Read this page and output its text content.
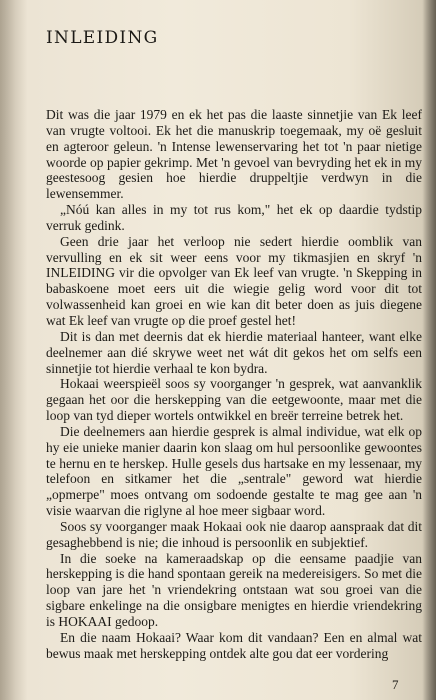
INLEIDING

Dit was die jaar 1979 en ek het pas die laaste sinnetjie van Ek leef van vrugte voltooi. Ek het die manuskrip toegemaak, my oë gesluit en agteroor geleun. 'n Intense lewenservaring het tot 'n paar nietige woorde op papier gekrimp. Met 'n gevoel van bevryding het ek in my geestesoog gesien hoe hierdie druppeltjie verdwyn in die lewensemmer.

„Nóú kan alles in my tot rus kom," het ek op daardie tydstip verruk gedink.

Geen drie jaar het verloop nie sedert hierdie oomblik van vervulling en ek sit weer eens voor my tikmasjien en skryf 'n INLEIDING vir die opvolger van Ek leef van vrugte. 'n Skepping in babaskoene moet eers uit die wiegie gelig word voor dit tot volwassenheid kan groei en wie kan dit beter doen as juis diegene wat Ek leef van vrugte op die proef gestel het!

Dit is dan met deernis dat ek hierdie materiaal hanteer, want elke deelnemer aan dié skrywe weet net wát dit gekos het om selfs een sinnetjie tot hierdie verhaal te kon bydra.

Hokaai weerspieël soos sy voorganger 'n gesprek, wat aanvanklik gegaan het oor die herskepping van die eetgewoonte, maar met die loop van tyd dieper wortels ontwikkel en breër terreine betrek het.

Die deelnemers aan hierdie gesprek is almal individue, wat elk op hy eie unieke manier daarin kon slaag om hul persoonlike gewoontes te hernu en te herskep. Hulle gesels dus hartsake en my lessenaar, my telefoon en sitkamer het die „sentrale" geword wat hierdie „opmerpe" moes ontvang om sodoende gestalte te mag gee aan 'n visie waarvan die riglyne al hoe meer sigbaar word.

Soos sy voorganger maak Hokaai ook nie daarop aanspraak dat dit gesaghebbend is nie; die inhoud is persoonlik en subjektief.

In die soeke na kameraadskap op die eensame paadjie van herskepping is die hand spontaan gereik na medereisigers. So met die loop van jare het 'n vriendekring ontstaan wat sou groei van die sigbare enkelinge na die onsigbare menigtes en hierdie vriendekring is HOKAAI gedoop.

En die naam Hokaai? Waar kom dit vandaan? Een en almal wat bewus maak met herskepping ontdek alte gou dat eer vordering

7
